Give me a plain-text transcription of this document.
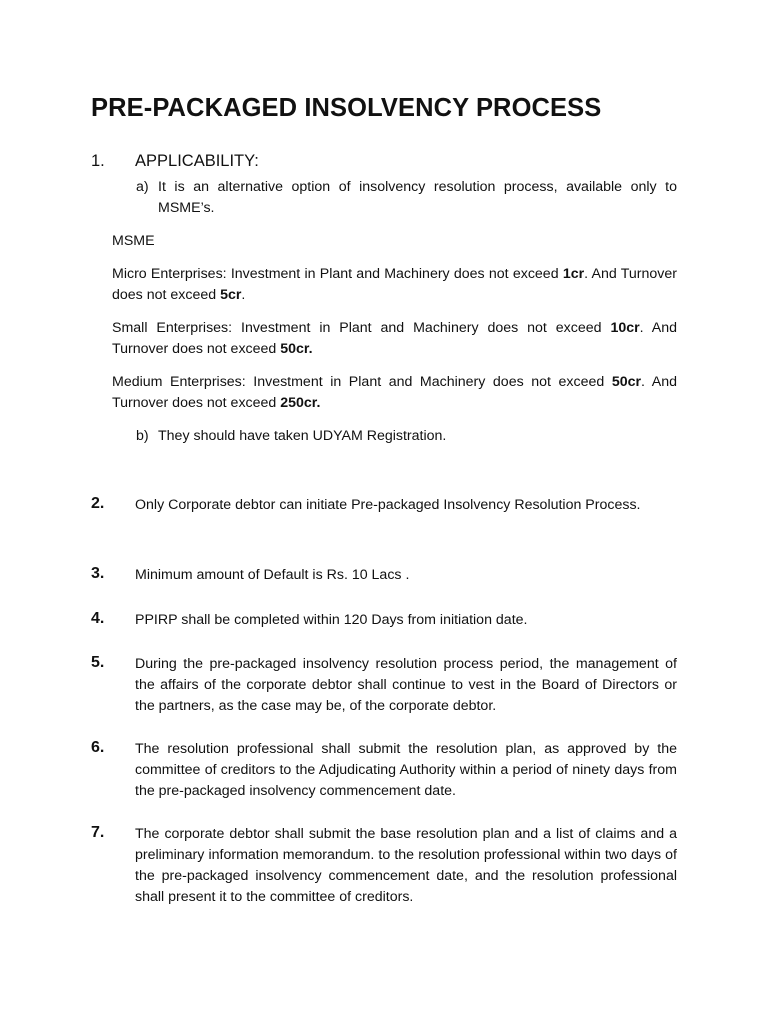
PRE-PACKAGED INSOLVENCY PROCESS
1. APPLICABILITY:
a) It is an alternative option of insolvency resolution process, available only to MSME’s.
MSME
Micro Enterprises: Investment in Plant and Machinery does not exceed 1cr. And Turnover does not exceed 5cr.
Small Enterprises: Investment in Plant and Machinery does not exceed 10cr. And Turnover does not exceed 50cr.
Medium Enterprises: Investment in Plant and Machinery does not exceed 50cr. And Turnover does not exceed 250cr.
b) They should have taken UDYAM Registration.
2. Only Corporate debtor can initiate Pre-packaged Insolvency Resolution Process.
3. Minimum amount of Default is Rs. 10 Lacs .
4. PPIRP shall be completed within 120 Days from initiation date.
5. During the pre-packaged insolvency resolution process period, the management of the affairs of the corporate debtor shall continue to vest in the Board of Directors or the partners, as the case may be, of the corporate debtor.
6. The resolution professional shall submit the resolution plan, as approved by the committee of creditors to the Adjudicating Authority within a period of ninety days from the pre-packaged insolvency commencement date.
7. The corporate debtor shall submit the base resolution plan and a list of claims and a preliminary information memorandum. to the resolution professional within two days of the pre-packaged insolvency commencement date, and the resolution professional shall present it to the committee of creditors.
